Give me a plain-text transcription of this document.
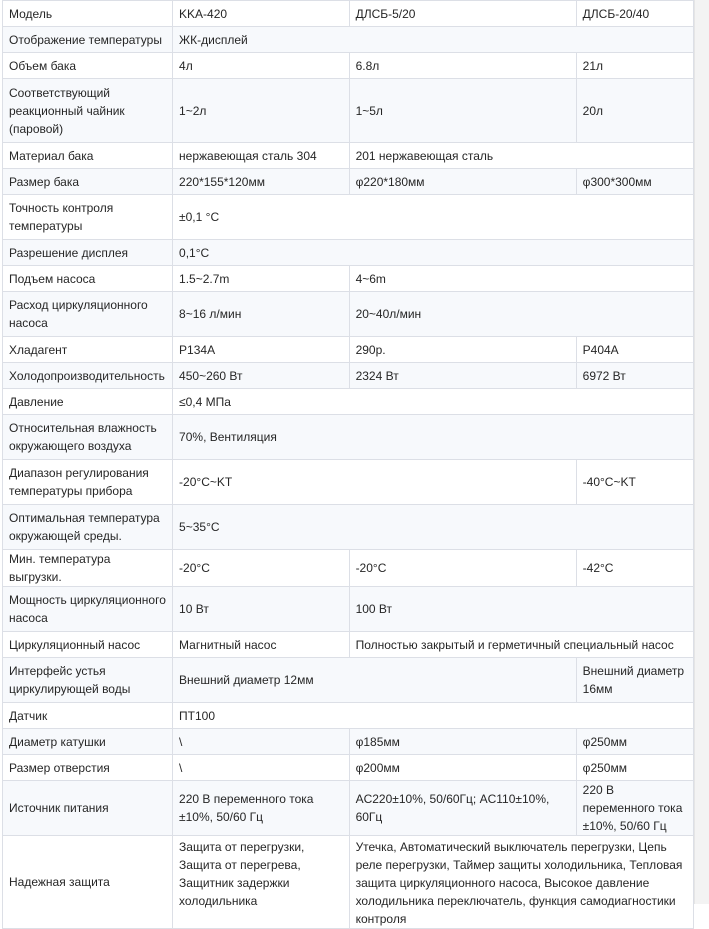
Модель	KKA-420	ДЛСБ-5/20	ДЛСБ-20/40
Отображение температуры	ЖК-дисплей		
Объем бака	4л	6.8л	21л
Соответствующий реакционный чайник (паровой)	1~2л	1~5л	20л
Материал бака	нержавеющая сталь 304	201 нержавеющая сталь	
Размер бака	220*155*120мм	φ220*180мм	φ300*300мм
Точность контроля температуры	±0,1 °C		
Разрешение дисплея	0,1°C		
Подъем насоса	1.5~2.7m	4~6m	
Расход циркуляционного насоса	8~16 л/мин	20~40л/мин	
Хладагент	P134A	290р.	P404A
Холодопроизводительность	450~260 Вт	2324 Вт	6972 Вт
Давление	≤0,4 МПа		
Относительная влажность окружающего воздуха	70%, Вентиляция		
Диапазон регулирования температуры прибора	-20°C~KT		-40°C~KT
Оптимальная температура окружающей среды.	5~35°C		
Мин. температура выгрузки.	-20°C	-20°C	-42°C
Мощность циркуляционного насоса	10 Вт	100 Вт	
Циркуляционный насос	Магнитный насос	Полностью закрытый и герметичный специальный насос	
Интерфейс устья циркулирующей воды	Внешний диаметр 12мм		Внешний диаметр 16мм
Датчик	ПТ100		
Диаметр катушки	\	φ185мм	φ250мм
Размер отверстия	\	φ200мм	φ250мм
Источник питания	220 В переменного тока ±10%, 50/60 Гц	AC220±10%, 50/60Гц; AC110±10%, 60Гц	220 В переменного тока ±10%, 50/60 Гц
Надежная защита	Защита от перегрузки, Защита от перегрева, Защитник задержки холодильника	Утечка, Автоматический выключатель перегрузки, Цепь реле перегрузки, Таймер защиты холодильника, Тепловая защита циркуляционного насоса, Высокое давление холодильника переключатель, функция самодиагностики контроля	
